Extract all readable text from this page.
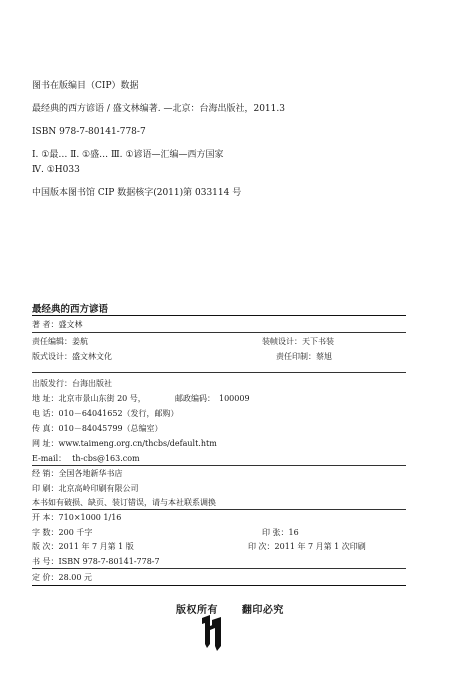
图书在版编目（CIP）数据
最经典的西方谚语 / 盛文林编著. —北京：台海出版社，2011.3
ISBN 978-7-80141-778-7
Ⅰ. ①最… Ⅱ. ①盛… Ⅲ. ①谚语—汇编—西方国家
Ⅳ. ①H033
中国版本图书馆 CIP 数据核字(2011)第 033114 号
最经典的西方谚语
著 者：盛文林
责任编辑：姜航	装帧设计：天下书装
版式设计：盛文林文化	责任印制：蔡旭
出版发行：台海出版社
地 址：北京市景山东街 20 号，	邮政编码： 100009
电 话：010－64041652（发行，邮购）
传 真：010－84045799（总编室）
网 址：www.taimeng.org.cn/thcbs/default.htm
E-mail： th-cbs@163.com
经 销：全国各地新华书店
印 刷：北京高岭印刷有限公司
本书如有破损、缺页、装订错误，请与本社联系调换
开 本：710×1000 1/16
字 数：200 千字	印 张：16
版 次：2011 年 7 月第 1 版	印 次：2011 年 7 月第 1 次印刷
书 号：ISBN 978-7-80141-778-7
定 价：28.00 元
版权所有      翻印必究
